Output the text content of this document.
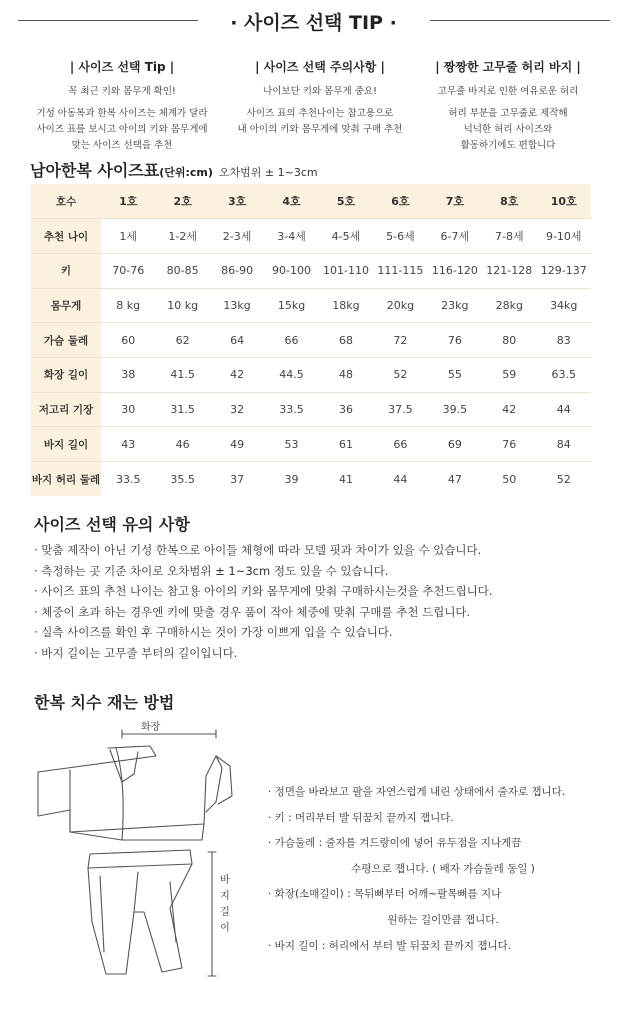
· 사이즈 선택 TIP ·
| 사이즈 선택 Tip |
꼭 최근 키와 몸무게 확인!
기성 아동복과 한복 사이즈는 체계가 달라
사이즈 표를 보시고 아이의 키와 몸무게에
맞는 사이즈 선택을 추천
| 사이즈 선택 주의사항 |
나이보단 키와 몸무게 중요!
사이즈 표의 추천나이는 참고용으로
내 아이의 키와 몸무게에 맞춰 구매 추천
| 짱짱한 고무줄 허리 바지 |
고무줄 바지로 인한 여유로운 허리
허리 부분을 고무줄로 제작해
넉넉한 허리 사이즈와
활동하기에도 편합니다
남아한복 사이즈표(단위:cm) 오차범위 ± 1~3cm
호수	1호	2호	3호	4호	5호	6호	7호	8호	10호
추천 나이	1세	1-2세	2-3세	3-4세	4-5세	5-6세	6-7세	7-8세	9-10세
키	70-76	80-85	86-90	90-100	101-110	111-115	116-120	121-128	129-137
몸무게	8 kg	10 kg	13kg	15kg	18kg	20kg	23kg	28kg	34kg
가슴 둘레	60	62	64	66	68	72	76	80	83
화장 길이	38	41.5	42	44.5	48	52	55	59	63.5
저고리 기장	30	31.5	32	33.5	36	37.5	39.5	42	44
바지 길이	43	46	49	53	61	66	69	76	84
바지 허리 둘레	33.5	35.5	37	39	41	44	47	50	52
사이즈 선택 유의 사항
· 맞춤 제작이 아닌 기성 한복으로 아이들 체형에 따라 모델 핏과 차이가 있을 수 있습니다.
· 측정하는 곳 기준 차이로 오차범위 ± 1~3cm 정도 있을 수 있습니다.
· 사이즈 표의 추천 나이는 참고용 아이의 키와 몸무게에 맞춰 구매하시는것을 추천드립니다.
· 체중이 초과 하는 경우엔 키에 맞출 경우 품이 작아 체중에 맞춰 구매를 추천 드립니다.
· 실측 사이즈를 확인 후 구매하시는 것이 가장 이쁘게 입을 수 있습니다.
· 바지 길이는 고무줄 부터의 길이입니다.
한복 치수 재는 방법
화장
바
지
길
이
· 정면을 바라보고 팔을 자연스럽게 내린 상태에서 줄자로 잽니다.
· 키 : 머리부터 발 뒤꿈치 끝까지 잽니다.
· 가슴둘레 : 줄자를 겨드랑이에 넣어 유두점을 지나게끔
수평으로 잽니다. ( 배자 가슴둘레 동일 )
· 화장(소매길이) : 목뒤뼈부터 어깨~팔목뼈를 지나
원하는 길이만큼 잽니다.
· 바지 길이 : 허리에서 부터 발 뒤꿈치 끝까지 잽니다.
